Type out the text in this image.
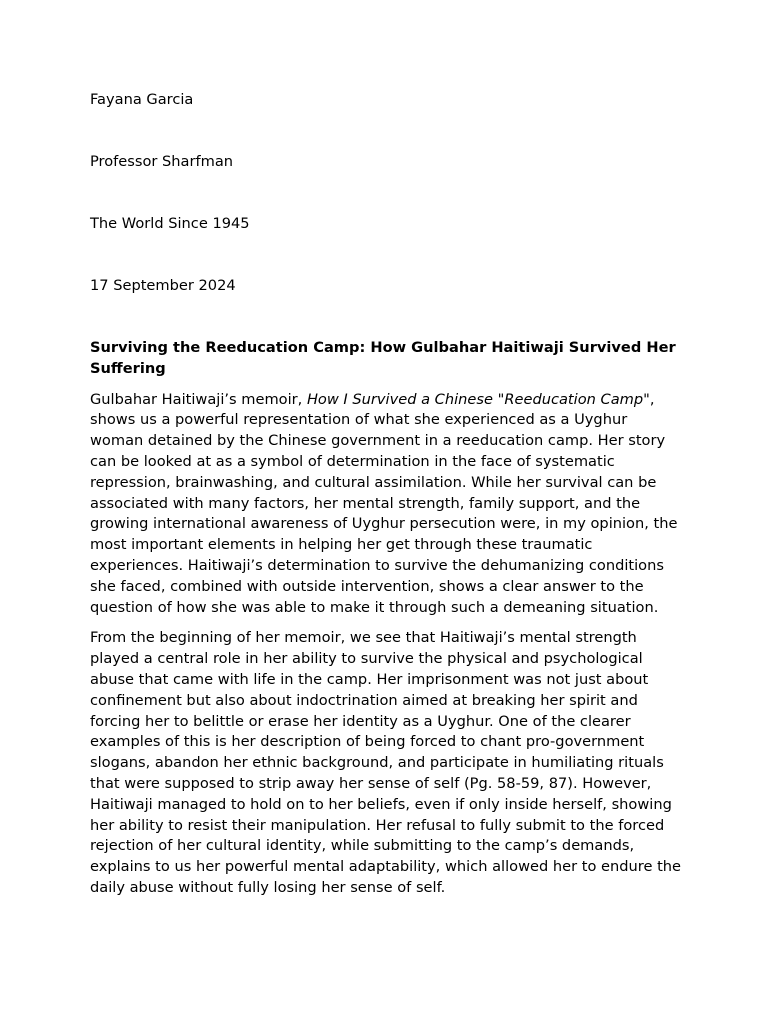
Fayana Garcia

Professor Sharfman

The World Since 1945

17 September 2024

Surviving the Reeducation Camp: How Gulbahar Haitiwaji Survived Her Suffering

Gulbahar Haitiwaji’s memoir, How I Survived a Chinese "Reeducation Camp", shows us a powerful representation of what she experienced as a Uyghur woman detained by the Chinese government in a reeducation camp. Her story can be looked at as a symbol of determination in the face of systematic repression, brainwashing, and cultural assimilation. While her survival can be associated with many factors, her mental strength, family support, and the growing international awareness of Uyghur persecution were, in my opinion, the most important elements in helping her get through these traumatic experiences. Haitiwaji’s determination to survive the dehumanizing conditions she faced, combined with outside intervention, shows a clear answer to the question of how she was able to make it through such a demeaning situation.

From the beginning of her memoir, we see that Haitiwaji’s mental strength played a central role in her ability to survive the physical and psychological abuse that came with life in the camp. Her imprisonment was not just about confinement but also about indoctrination aimed at breaking her spirit and forcing her to belittle or erase her identity as a Uyghur. One of the clearer examples of this is her description of being forced to chant pro-government slogans, abandon her ethnic background, and participate in humiliating rituals that were supposed to strip away her sense of self (Pg. 58-59, 87). However, Haitiwaji managed to hold on to her beliefs, even if only inside herself, showing her ability to resist their manipulation. Her refusal to fully submit to the forced rejection of her cultural identity, while submitting to the camp’s demands, explains to us her powerful mental adaptability, which allowed her to endure the daily abuse without fully losing her sense of self.
